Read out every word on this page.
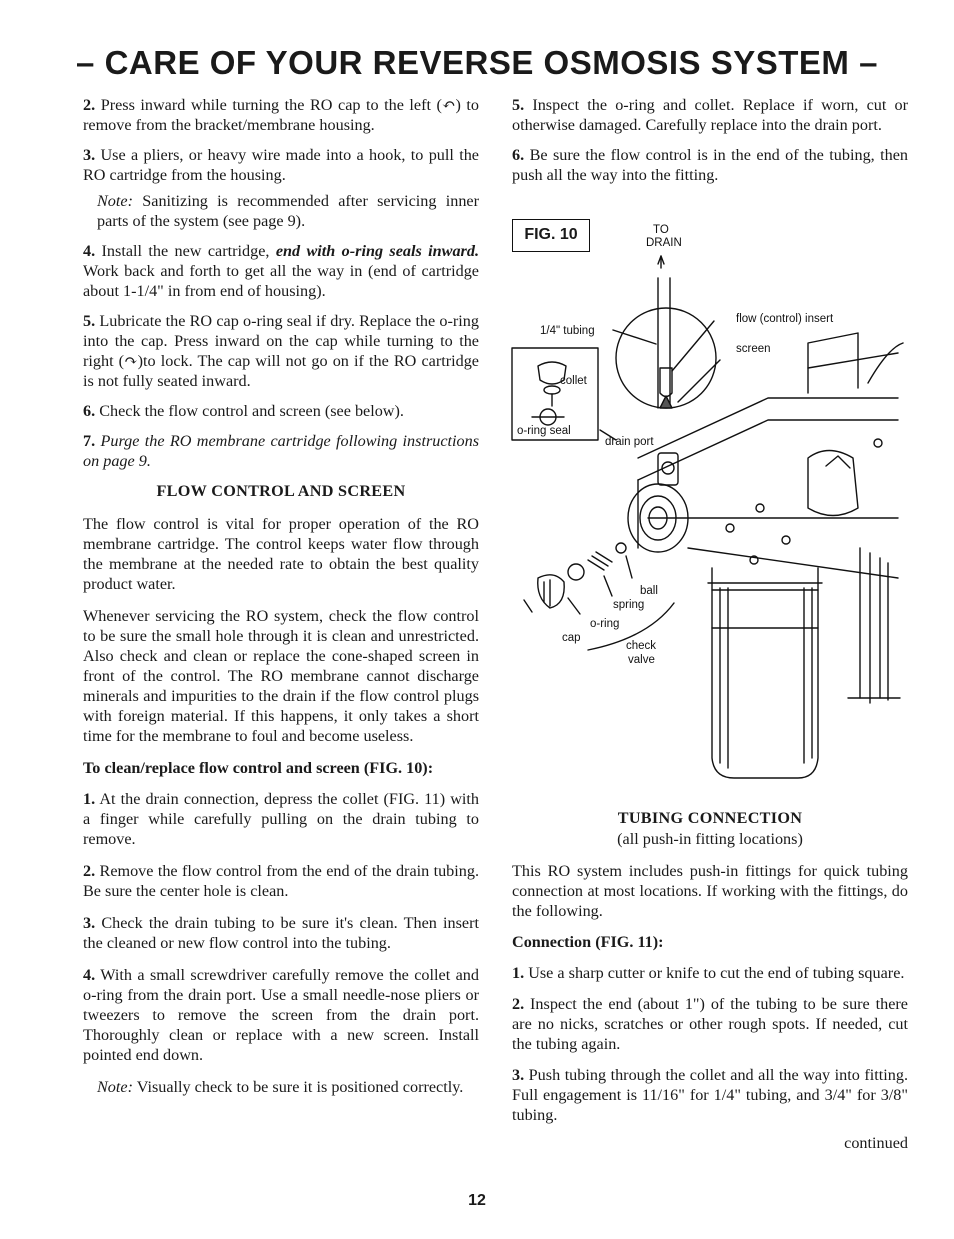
– CARE OF YOUR REVERSE OSMOSIS SYSTEM –

2. Press inward while turning the RO cap to the left (↶) to remove from the bracket/membrane housing.

3. Use a pliers, or heavy wire made into a hook, to pull the RO cartridge from the housing.

Note: Sanitizing is recommended after servicing inner parts of the system (see page 9).

4. Install the new cartridge, end with o-ring seals inward. Work back and forth to get all the way in (end of cartridge about 1-1/4" in from end of housing).

5. Lubricate the RO cap o-ring seal if dry. Replace the o-ring into the cap. Press inward on the cap while turning to the right (↷)to lock. The cap will not go on if the RO cartridge is not fully seated inward.

6. Check the flow control and screen (see below).

7. Purge the RO membrane cartridge following instructions on page 9.

FLOW CONTROL AND SCREEN

The flow control is vital for proper operation of the RO membrane cartridge. The control keeps water flow through the membrane at the needed rate to obtain the best quality product water.

Whenever servicing the RO system, check the flow control to be sure the small hole through it is clean and unrestricted. Also check and clean or replace the cone-shaped screen in front of the control. The RO membrane cannot discharge minerals and impurities to the drain if the flow control plugs with foreign material. If this happens, it only takes a short time for the membrane to foul and become useless.

To clean/replace flow control and screen (FIG. 10):

1. At the drain connection, depress the collet (FIG. 11) with a finger while carefully pulling on the drain tubing to remove.

2. Remove the flow control from the end of the drain tubing. Be sure the center hole is clean.

3. Check the drain tubing to be sure it's clean. Then insert the cleaned or new flow control into the tubing.

4. With a small screwdriver carefully remove the collet and o-ring from the drain port. Use a small needle-nose pliers or tweezers to remove the screen from the drain port. Thoroughly clean or replace with a new screen. Install pointed end down.

Note: Visually check to be sure it is positioned correctly.

5. Inspect the o-ring and collet. Replace if worn, cut or otherwise damaged. Carefully replace into the drain port.

6. Be sure the flow control is in the end of the tubing, then push all the way into the fitting.

FIG. 10	TO
DRAIN
1/4" tubing
flow (control) insert
screen
collet
o-ring seal
drain port
ball
spring
o-ring
cap
check
valve

TUBING CONNECTION

(all push-in fitting locations)

This RO system includes push-in fittings for quick tubing connection at most locations. If working with the fittings, do the following.

Connection (FIG. 11):

1. Use a sharp cutter or knife to cut the end of tubing square.

2. Inspect the end (about 1") of the tubing to be sure there are no nicks, scratches or other rough spots. If needed, cut the tubing again.

3. Push tubing through the collet and all the way into fitting. Full engagement is 11/16" for 1/4" tubing, and 3/4" for 3/8" tubing.

continued

12
